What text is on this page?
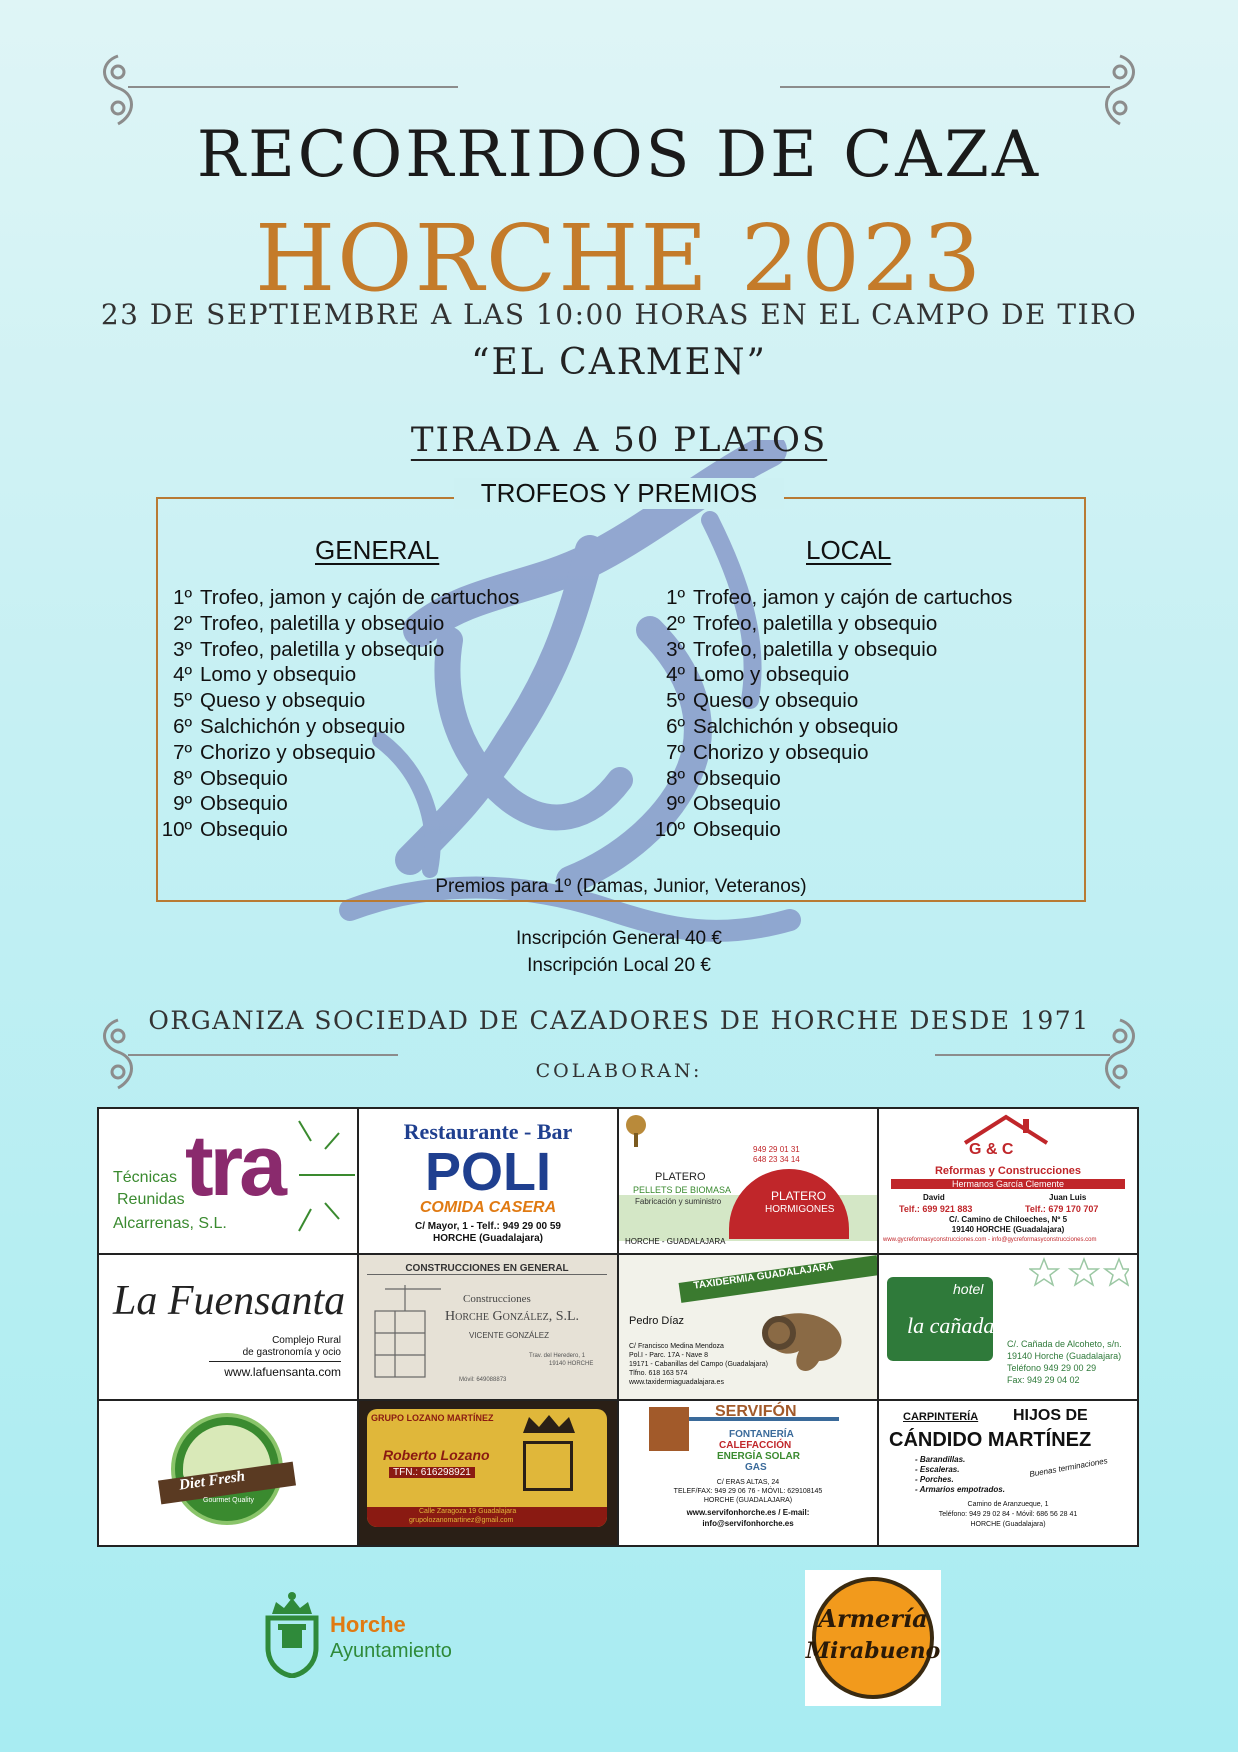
RECORRIDOS DE CAZA
HORCHE 2023
23 DE SEPTIEMBRE A LAS 10:00 HORAS EN EL CAMPO DE TIRO
“EL CARMEN”
TIRADA A 50 PLATOS
TROFEOS Y PREMIOS
GENERAL	LOCAL
1º Trofeo, jamon y cajón de cartuchos
2º Trofeo, paletilla y obsequio
3º Trofeo, paletilla y obsequio
4º Lomo y obsequio
5º Queso y obsequio
6º Salchichón y obsequio
7º Chorizo y obsequio
8º Obsequio
9º Obsequio
10º Obsequio
1º Trofeo, jamon y cajón de cartuchos
2º Trofeo, paletilla y obsequio
3º Trofeo, paletilla y obsequio
4º Lomo y obsequio
5º Queso y obsequio
6º Salchichón y obsequio
7º Chorizo y obsequio
8º Obsequio
9º Obsequio
10º Obsequio
Premios para 1º (Damas, Junior, Veteranos)
Inscripción General 40 €
Inscripción Local 20 €
ORGANIZA SOCIEDAD DE CAZADORES DE HORCHE DESDE 1971
COLABORAN:
tra
Técnicas
Reunidas
Alcarrenas, S.L.
Restaurante - Bar
POLI
COMIDA CASERA
C/ Mayor, 1 - Telf.: 949 29 00 59
HORCHE (Guadalajara)
949 29 01 31
648 23 34 14
PLATERO
PELLETS DE BIOMASA
Fabricación y suministro	PLATERO
HORMIGONES
HORCHE - GUADALAJARA
G & C
Reformas y Construcciones
Hermanos García Clemente
David	Juan Luis
Telf.: 699 921 883	Telf.: 679 170 707
C/. Camino de Chiloeches, Nº 5
19140 HORCHE (Guadalajara)
www.gycreformasyconstrucciones.com - info@gycreformasyconstrucciones.com
La Fuensanta
Complejo Rural
de gastronomía y ocio
www.lafuensanta.com
CONSTRUCCIONES EN GENERAL
Construcciones
Horche González, S.L.
VICENTE GONZÁLEZ
Trav. del Heredero, 1
19140 HORCHE
Móvil: 649088873
TAXIDERMIA GUADALAJARA
Pedro Díaz
C/ Francisco Medina Mendoza
Pol.I - Parc. 17A - Nave 8
19171 - Cabanillas del Campo (Guadalajara)
Tlfno. 618 163 574
www.taxidermiaguadalajara.es
hotel
la cañada
C/. Cañada de Alcoheto, s/n.
19140 Horche (Guadalajara)
Teléfono 949 29 00 29
Fax: 949 29 04 02
Diet Fresh
Gourmet Quality
GRUPO LOZANO MARTÍNEZ
Roberto Lozano
TFN.: 616298921
Calle Zaragoza 19 Guadalajara
grupolozanomartinez@gmail.com
SERVIFÓN
FONTANERÍA
CALEFACCIÓN
ENERGÍA SOLAR
GAS
C/ ERAS ALTAS, 24
TELEF/FAX: 949 29 06 76 - MÓVIL: 629108145
HORCHE (GUADALAJARA)
www.servifonhorche.es / E-mail:
info@servifonhorche.es
CARPINTERÍA HIJOS DE
CÁNDIDO MARTÍNEZ
- Barandillas.
- Escaleras.
- Porches.
- Armarios empotrados.
Buenas terminaciones
Camino de Aranzueque, 1
Teléfono: 949 29 02 84 - Móvil: 686 56 28 41
HORCHE (Guadalajara)
Horche
Ayuntamiento
Armería
Mirabueno
